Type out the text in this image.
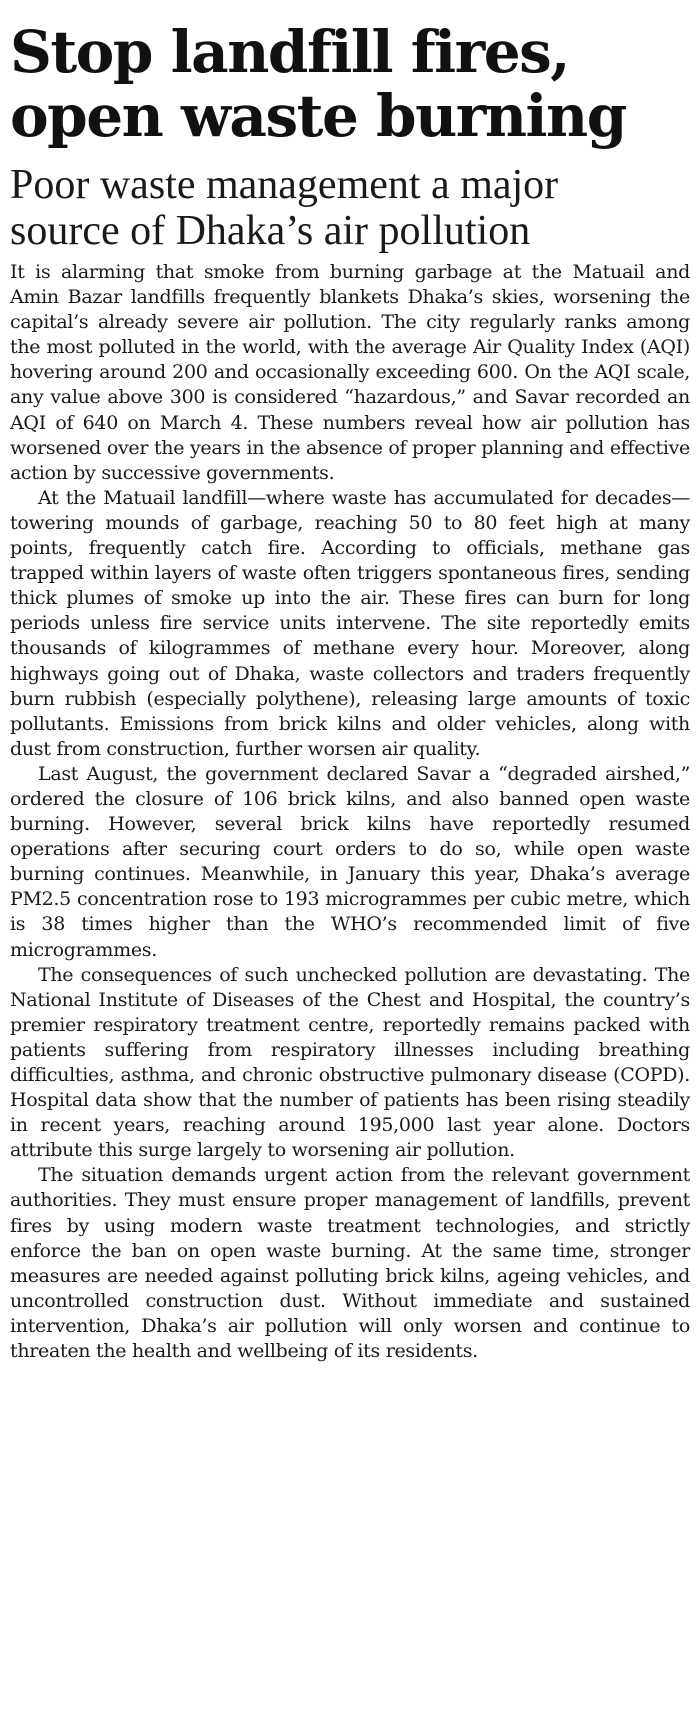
Stop landfill fires,
open waste burning
Poor waste management a major
source of Dhaka’s air pollution

It is alarming that smoke from burning garbage at the Matuail and Amin Bazar landfills frequently blankets Dhaka’s skies, worsening the capital’s already severe air pollution. The city regularly ranks among the most polluted in the world, with the average Air Quality Index (AQI) hovering around 200 and occasionally exceeding 600. On the AQI scale, any value above 300 is considered “hazardous,” and Savar recorded an AQI of 640 on March 4. These numbers reveal how air pollution has worsened over the years in the absence of proper planning and effective action by successive governments.

At the Matuail landfill—where waste has accumulated for decades—towering mounds of garbage, reaching 50 to 80 feet high at many points, frequently catch fire. According to officials, methane gas trapped within layers of waste often triggers spontaneous fires, sending thick plumes of smoke up into the air. These fires can burn for long periods unless fire service units intervene. The site reportedly emits thousands of kilogrammes of methane every hour. Moreover, along highways going out of Dhaka, waste collectors and traders frequently burn rubbish (especially polythene), releasing large amounts of toxic pollutants. Emissions from brick kilns and older vehicles, along with dust from construction, further worsen air quality.

Last August, the government declared Savar a “degraded airshed,” ordered the closure of 106 brick kilns, and also banned open waste burning. However, several brick kilns have reportedly resumed operations after securing court orders to do so, while open waste burning continues. Meanwhile, in January this year, Dhaka’s average PM2.5 concentration rose to 193 microgrammes per cubic metre, which is 38 times higher than the WHO’s recommended limit of five microgrammes.

The consequences of such unchecked pollution are devastating. The National Institute of Diseases of the Chest and Hospital, the country’s premier respiratory treatment centre, reportedly remains packed with patients suffering from respiratory illnesses including breathing difficulties, asthma, and chronic obstructive pulmonary disease (COPD). Hospital data show that the number of patients has been rising steadily in recent years, reaching around 195,000 last year alone. Doctors attribute this surge largely to worsening air pollution.

The situation demands urgent action from the relevant government authorities. They must ensure proper management of landfills, prevent fires by using modern waste treatment technologies, and strictly enforce the ban on open waste burning. At the same time, stronger measures are needed against polluting brick kilns, ageing vehicles, and uncontrolled construction dust. Without immediate and sustained intervention, Dhaka’s air pollution will only worsen and continue to threaten the health and wellbeing of its residents.
